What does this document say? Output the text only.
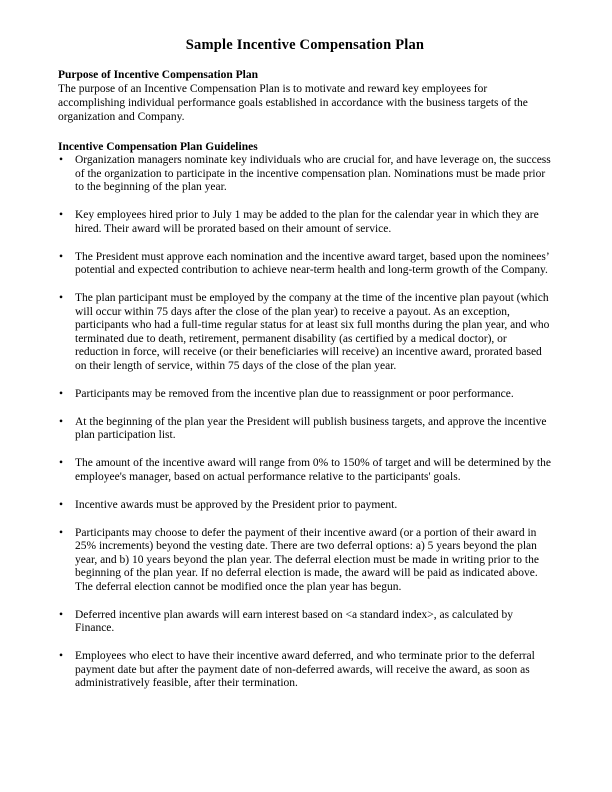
Sample Incentive Compensation Plan

Purpose of Incentive Compensation Plan

The purpose of an Incentive Compensation Plan is to motivate and reward key employees for accomplishing individual performance goals established in accordance with the business targets of the organization and Company.

Incentive Compensation Plan Guidelines

• Organization managers nominate key individuals who are crucial for, and have leverage on, the success of the organization to participate in the incentive compensation plan. Nominations must be made prior to the beginning of the plan year.
• Key employees hired prior to July 1 may be added to the plan for the calendar year in which they are hired. Their award will be prorated based on their amount of service.
• The President must approve each nomination and the incentive award target, based upon the nominees’ potential and expected contribution to achieve near-term health and long-term growth of the Company.
• The plan participant must be employed by the company at the time of the incentive plan payout (which will occur within 75 days after the close of the plan year) to receive a payout. As an exception, participants who had a full-time regular status for at least six full months during the plan year, and who terminated due to death, retirement, permanent disability (as certified by a medical doctor), or reduction in force, will receive (or their beneficiaries will receive) an incentive award, prorated based on their length of service, within 75 days of the close of the plan year.
• Participants may be removed from the incentive plan due to reassignment or poor performance.
• At the beginning of the plan year the President will publish business targets, and approve the incentive plan participation list.
• The amount of the incentive award will range from 0% to 150% of target and will be determined by the employee's manager, based on actual performance relative to the participants' goals.
• Incentive awards must be approved by the President prior to payment.
• Participants may choose to defer the payment of their incentive award (or a portion of their award in 25% increments) beyond the vesting date. There are two deferral options: a) 5 years beyond the plan year, and b) 10 years beyond the plan year. The deferral election must be made in writing prior to the beginning of the plan year. If no deferral election is made, the award will be paid as indicated above. The deferral election cannot be modified once the plan year has begun.
• Deferred incentive plan awards will earn interest based on <a standard index>, as calculated by Finance.
• Employees who elect to have their incentive award deferred, and who terminate prior to the deferral payment date but after the payment date of non-deferred awards, will receive the award, as soon as administratively feasible, after their termination.
